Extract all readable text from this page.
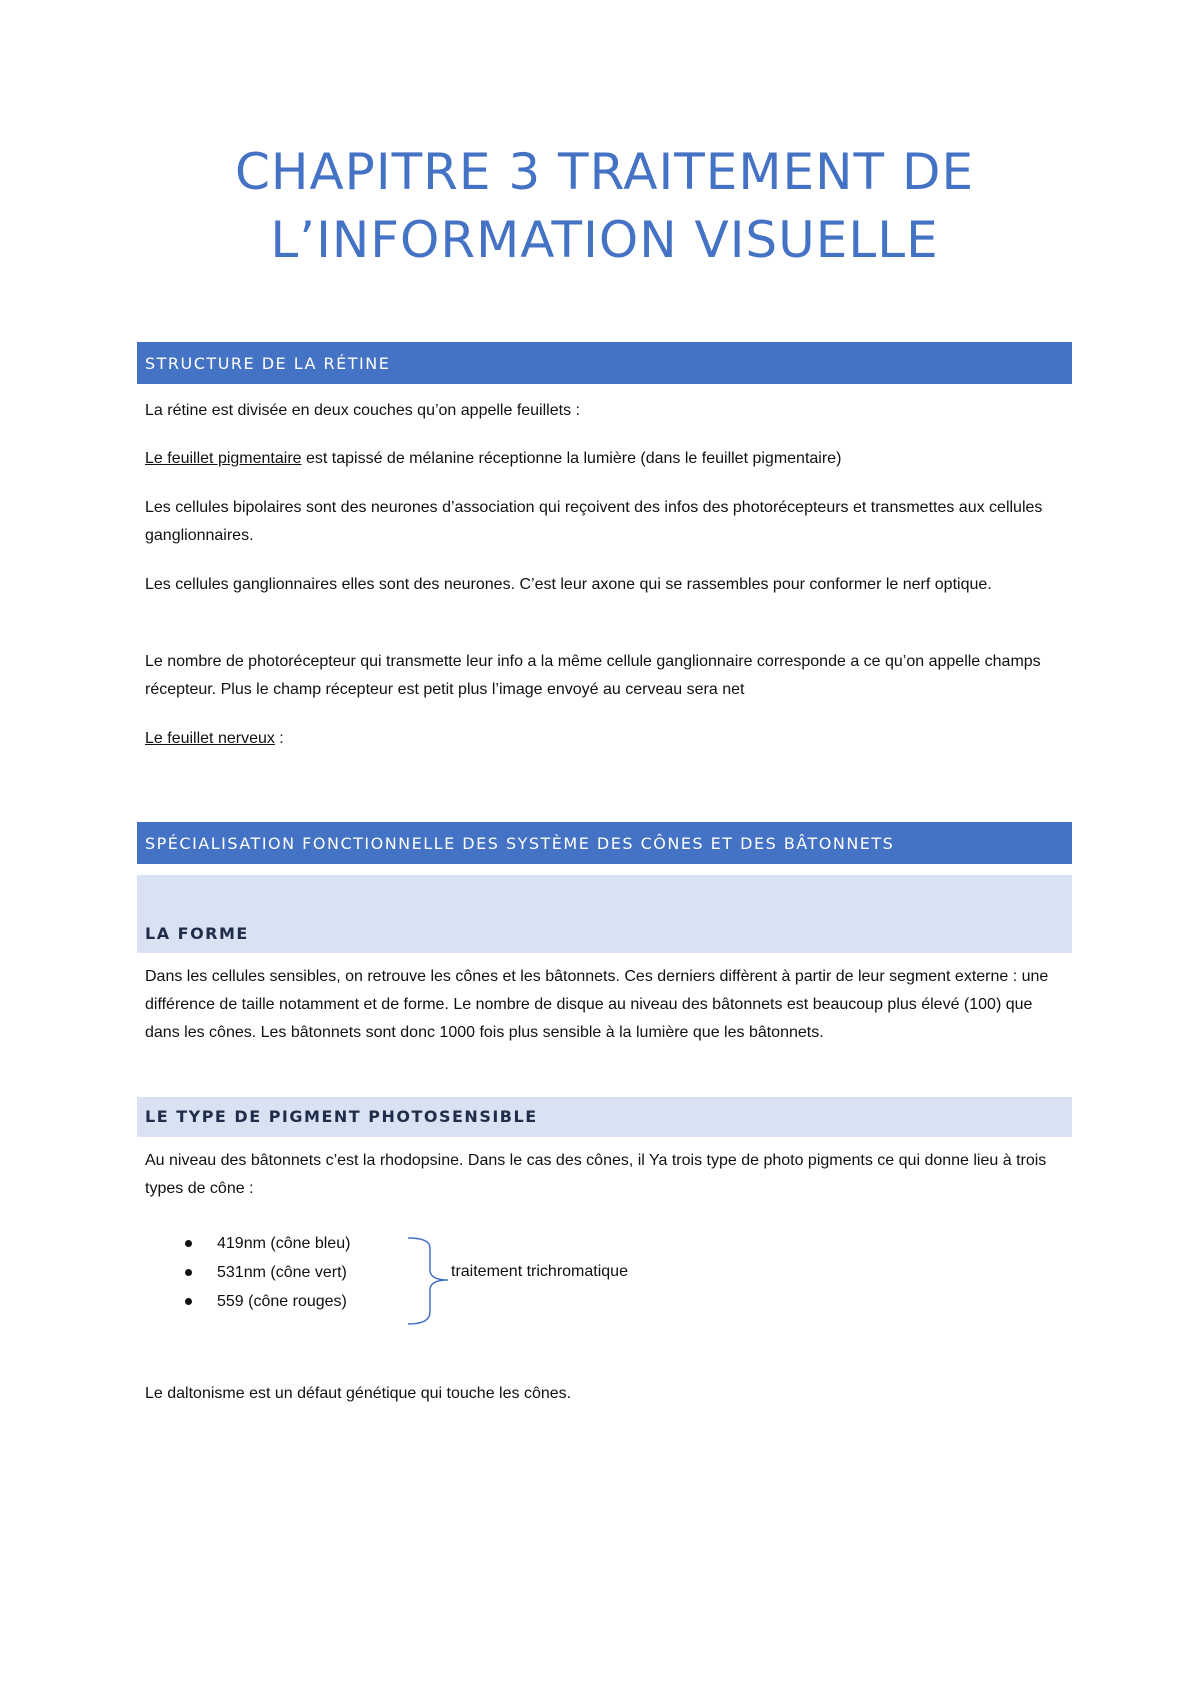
CHAPITRE 3 TRAITEMENT DE
L’INFORMATION VISUELLE
STRUCTURE DE LA RÉTINE

La rétine est divisée en deux couches qu’on appelle feuillets :

Le feuillet pigmentaire est tapissé de mélanine réceptionne la lumière (dans le feuillet pigmentaire)

Les cellules bipolaires sont des neurones d’association qui reçoivent des infos des photorécepteurs et transmettes aux cellules ganglionnaires.

Les cellules ganglionnaires elles sont des neurones. C’est leur axone qui se rassembles pour conformer le nerf optique.

Le nombre de photorécepteur qui transmette leur info a la même cellule ganglionnaire corresponde a ce qu’on appelle champs récepteur. Plus le champ récepteur est petit plus l’image envoyé au cerveau sera net

Le feuillet nerveux :

SPÉCIALISATION FONCTIONNELLE DES SYSTÈME DES CÔNES ET DES BÂTONNETS
LA FORME

Dans les cellules sensibles, on retrouve les cônes et les bâtonnets. Ces derniers diffèrent à partir de leur segment externe : une différence de taille notamment et de forme. Le nombre de disque au niveau des bâtonnets est beaucoup plus élevé (100) que dans les cônes. Les bâtonnets sont donc 1000 fois plus sensible à la lumière que les bâtonnets.

LE TYPE DE PIGMENT PHOTOSENSIBLE

Au niveau des bâtonnets c’est la rhodopsine. Dans le cas des cônes, il Ya trois type de photo pigments ce qui donne lieu à trois types de cône :

419nm (cône bleu)
531nm (cône vert)
559 (cône rouges)
traitement trichromatique

Le daltonisme est un défaut génétique qui touche les cônes.
